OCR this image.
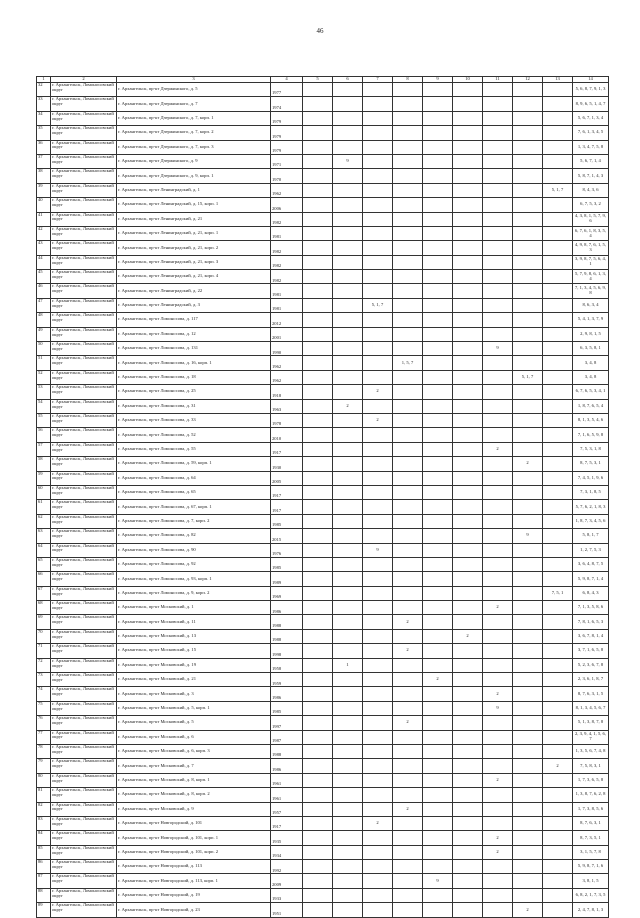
46
1	2	3	4	5	6	7	8	9	10	11	12	13	14
32	г. Архангельск, Ломоносовский округ	г. Архангельск, пр-кт Дзержинского, д. 5	1977										5, 6, 8, 7, 9, 1, 3
33	г. Архангельск, Ломоносовский округ	г. Архангельск, пр-кт Дзержинского, д. 7	1974										8, 9, 6, 5, 1, 4, 7
34	г. Архангельск, Ломоносовский округ	г. Архангельск, пр-кт Дзержинского, д. 7, корп. 1	1979										5, 6, 7, 1, 3, 4
35	г. Архангельск, Ломоносовский округ	г. Архангельск, пр-кт Дзержинского, д. 7, корп. 2	1979										7, 6, 1, 3, 4, 5
36	г. Архангельск, Ломоносовский округ	г. Архангельск, пр-кт Дзержинского, д. 7, корп. 3	1979										1, 3, 4, 7, 5, 8
37	г. Архангельск, Ломоносовский округ	г. Архангельск, пр-кт Дзержинского, д. 9	1971		9								5, 6, 7, 1, 4
38	г. Архангельск, Ломоносовский округ	г. Архангельск, пр-кт Дзержинского, д. 9, корп. 1	1970										5, 8, 7, 1, 4, 3
39	г. Архангельск, Ломоносовский округ	г. Архангельск, пр-кт Ленинградский, д. 1	1962									5, 1, 7	8, 4, 3, 6
40	г. Архангельск, Ломоносовский округ	г. Архангельск, пр-кт Ленинградский, д. 15, корп. 1	2006										6, 7, 5, 3, 2
41	г. Архангельск, Ломоносовский округ	г. Архангельск, пр-кт Ленинградский, д. 21	1982										4, 3, 8, 1, 5, 7, 9, 6
42	г. Архангельск, Ломоносовский округ	г. Архангельск, пр-кт Ленинградский, д. 21, корп. 1	1981										6, 7, 6, 1, 8, 3, 5, 4
43	г. Архангельск, Ломоносовский округ	г. Архангельск, пр-кт Ленинградский, д. 21, корп. 2	1982										4, 9, 8, 7, 6, 1, 5, 3
44	г. Архангельск, Ломоносовский округ	г. Архангельск, пр-кт Ленинградский, д. 21, корп. 3	1982										3, 9, 8, 7, 5, 6, 4, 1
45	г. Архангельск, Ломоносовский округ	г. Архангельск, пр-кт Ленинградский, д. 21, корп. 4	1982										5, 7, 9, 8, 6, 1, 3, 4
46	г. Архангельск, Ломоносовский округ	г. Архангельск, пр-кт Ленинградский, д. 22	1981										7, 1, 3, 4, 5, 6, 9, 8
47	г. Архангельск, Ломоносовский округ	г. Архангельск, пр-кт Ленинградский, д. 3	1981			5, 1, 7							8, 6, 3, 4
48	г. Архангельск, Ломоносовский округ	г. Архангельск, пр-кт Ломоносова, д. 117	2012										5, 4, 1, 3, 7, 9
49	г. Архангельск, Ломоносовский округ	г. Архангельск, пр-кт Ломоносова, д. 12	2001										2, 9, 8, 1, 5
50	г. Архангельск, Ломоносовский округ	г. Архангельск, пр-кт Ломоносова, д. 131	1990							9			6, 3, 5, 8, 1
51	г. Архангельск, Ломоносовский округ	г. Архангельск, пр-кт Ломоносова, д. 16, корп. 1	1962				1, 5, 7						3, 4, 8
52	г. Архангельск, Ломоносовский округ	г. Архангельск, пр-кт Ломоносова, д. 18	1962								5, 1, 7		3, 4, 8
53	г. Архангельск, Ломоносовский округ	г. Архангельск, пр-кт Ломоносова, д. 25	1918			2							6, 7, 6, 5, 3, 4, 1
54	г. Архангельск, Ломоносовский округ	г. Архангельск, пр-кт Ломоносова, д. 31	1963		2								1, 8, 7, 6, 5, 4
55	г. Архангельск, Ломоносовский округ	г. Архангельск, пр-кт Ломоносова, д. 33	1978			2							8, 1, 3, 5, 4, 6
56	г. Архангельск, Ломоносовский округ	г. Архангельск, пр-кт Ломоносова, д. 52	2010										7, 1, 6, 5, 9, 8
57	г. Архангельск, Ломоносовский округ	г. Архангельск, пр-кт Ломоносова, д. 55	1917							2			7, 5, 3, 1, 8
58	г. Архангельск, Ломоносовский округ	г. Архангельск, пр-кт Ломоносова, д. 59, корп. 1	1930								2		8, 7, 5, 3, 1
59	г. Архангельск, Ломоносовский округ	г. Архангельск, пр-кт Ломоносова, д. 64	2005										7, 4, 5, 1, 9, 6
60	г. Архангельск, Ломоносовский округ	г. Архангельск, пр-кт Ломоносова, д. 65	1917										7, 3, 1, 8, 5
61	г. Архангельск, Ломоносовский округ	г. Архангельск, пр-кт Ломоносова, д. 67, корп. 1	1917										5, 7, 6, 2, 1, 8, 3
62	г. Архангельск, Ломоносовский округ	г. Архангельск, пр-кт Ломоносова, д. 7, корп. 2	1985										1, 8, 7, 3, 4, 5, 6
63	г. Архангельск, Ломоносовский округ	г. Архангельск, пр-кт Ломоносова, д. 82	2015								9		5, 8, 1, 7
64	г. Архангельск, Ломоносовский округ	г. Архангельск, пр-кт Ломоносова, д. 90	1976			9							1, 2, 7, 5, 3
65	г. Архангельск, Ломоносовский округ	г. Архангельск, пр-кт Ломоносова, д. 92	1985										3, 6, 4, 8, 7, 5
66	г. Архангельск, Ломоносовский округ	г. Архангельск, пр-кт Ломоносова, д. 93, корп. 1	1989										5, 9, 8, 7, 1, 4
67	г. Архангельск, Ломоносовский округ	г. Архангельск, пр-кт Ломоносова, д. 9, корп. 2	1969									7, 5, 1	6, 8, 4, 3
68	г. Архангельск, Ломоносовский округ	г. Архангельск, пр-кт Московский, д. 1	1986							2			7, 1, 3, 5, 8, 6
69	г. Архангельск, Ломоносовский округ	г. Архангельск, пр-кт Московский, д. 11	1988				2						7, 8, 1, 6, 5, 3
70	г. Архангельск, Ломоносовский округ	г. Архангельск, пр-кт Московский, д. 13	1988						2				3, 6, 7, 8, 1, 4
71	г. Архангельск, Ломоносовский округ	г. Архангельск, пр-кт Московский, д. 15	1998				2						3, 7, 1, 6, 5, 8
72	г. Архангельск, Ломоносовский округ	г. Архангельск, пр-кт Московский, д. 19	1958		1								5, 2, 3, 6, 7, 8
73	г. Архангельск, Ломоносовский округ	г. Архангельск, пр-кт Московский, д. 21	1959					2					2, 3, 6, 1, 8, 7
74	г. Архангельск, Ломоносовский округ	г. Архангельск, пр-кт Московский, д. 3	1986							2			8, 7, 6, 3, 1, 5
75	г. Архангельск, Ломоносовский округ	г. Архангельск, пр-кт Московский, д. 5, корп. 1	1985							9			8, 1, 3, 4, 5, 6, 7
76	г. Архангельск, Ломоносовский округ	г. Архангельск, пр-кт Московский, д. 5	1997				2						5, 1, 3, 8, 7, 8
77	г. Архангельск, Ломоносовский округ	г. Архангельск, пр-кт Московский, д. 6	1987										2, 3, 9, 4, 1, 5, 6, 7
78	г. Архангельск, Ломоносовский округ	г. Архангельск, пр-кт Московский, д. 6, корп. 3	1988										1, 3, 5, 6, 7, 4, 8
79	г. Архангельск, Ломоносовский округ	г. Архангельск, пр-кт Московский, д. 7	1986									2	7, 5, 8, 3, 1
80	г. Архангельск, Ломоносовский округ	г. Архангельск, пр-кт Московский, д. 8, корп. 1	1961							2			1, 7, 3, 6, 5, 8
81	г. Архангельск, Ломоносовский округ	г. Архангельск, пр-кт Московский, д. 8, корп. 2	1961										1, 3, 8, 7, 6, 2, 8
82	г. Архангельск, Ломоносовский округ	г. Архангельск, пр-кт Московский, д. 9	1957				2						1, 7, 3, 8, 5, 6
83	г. Архангельск, Ломоносовский округ	г. Архангельск, пр-кт Новгородский, д. 101	1917			2							8, 7, 6, 3, 1
84	г. Архангельск, Ломоносовский округ	г. Архангельск, пр-кт Новгородский, д. 101, корп. 1	1935							2			8, 7, 3, 5, 1
85	г. Архангельск, Ломоносовский округ	г. Архангельск, пр-кт Новгородский, д. 101, корп. 2	1934							2			3, 1, 5, 7, 8
86	г. Архангельск, Ломоносовский округ	г. Архангельск, пр-кт Новгородский, д. 113	1992										5, 9, 8, 7, 1, 6
87	г. Архангельск, Ломоносовский округ	г. Архангельск, пр-кт Новгородский, д. 113, корп. 1	2009					9					3, 8, 1, 5
88	г. Архангельск, Ломоносовский округ	г. Архангельск, пр-кт Новгородский, д. 19	1933										6, 8, 2, 1, 7, 3, 5
89	г. Архангельск, Ломоносовский округ	г. Архангельск, пр-кт Новгородский, д. 23	1951								2		2, 4, 7, 8, 1, 3
